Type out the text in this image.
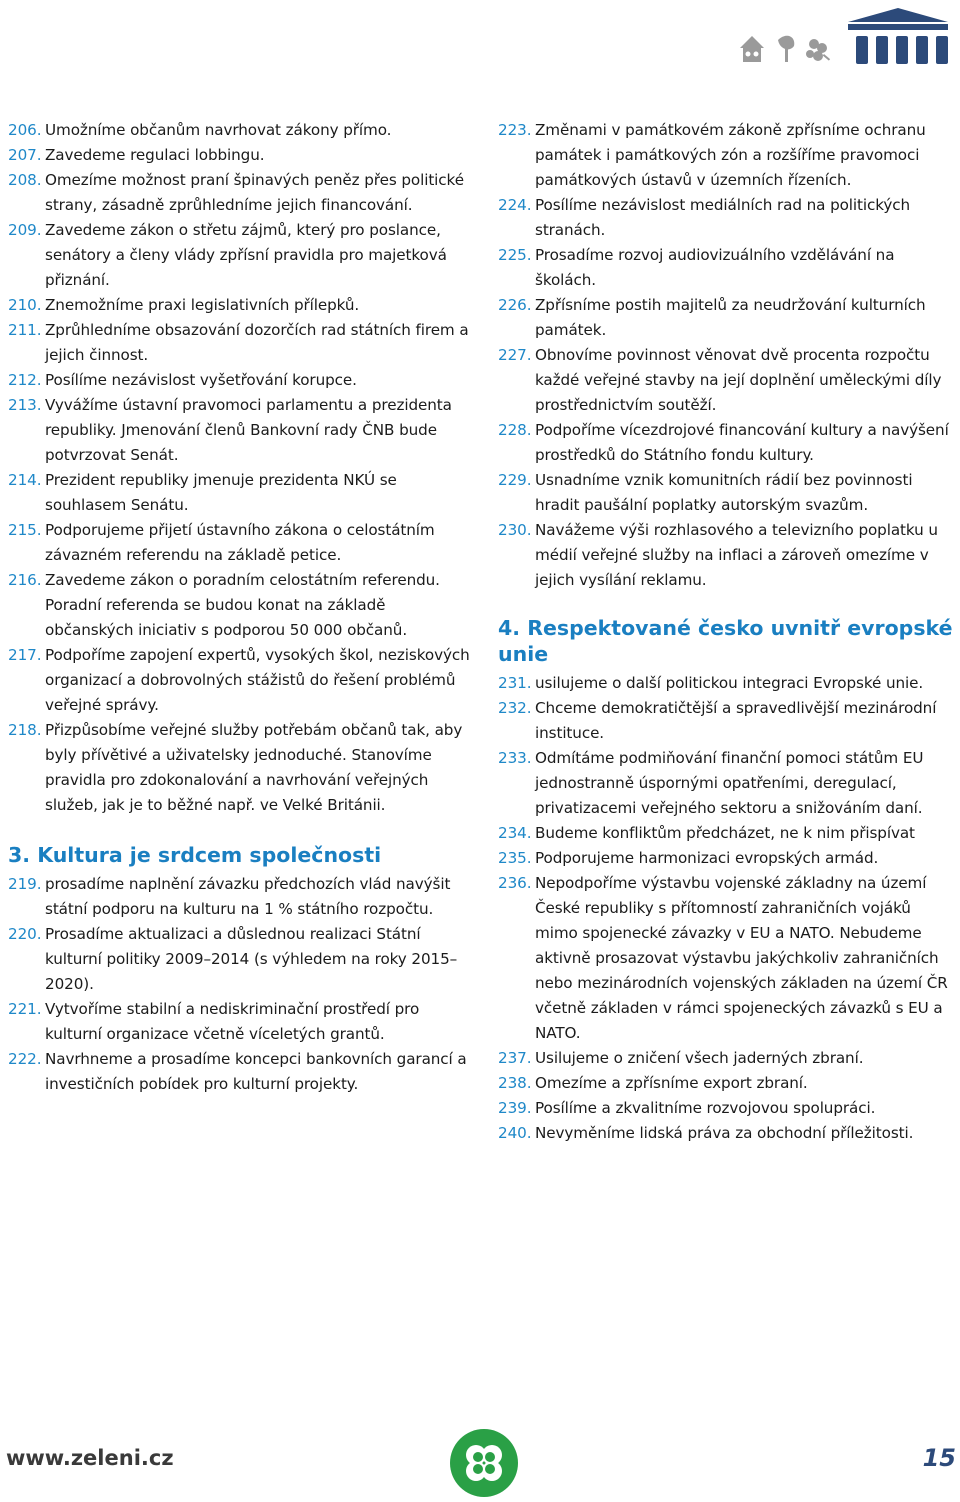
206. Umožníme občanům navrhovat zákony přímo.
207. Zavedeme regulaci lobbingu.
208. Omezíme možnost praní špinavých peněz přes politické strany, zásadně zprůhledníme jejich financování.
209. Zavedeme zákon o střetu zájmů, který pro poslance, senátory a členy vlády zpřísní pravidla pro majetková přiznání.
210. Znemožníme praxi legislativních přílepků.
211. Zprůhledníme obsazování dozorčích rad státních firem a jejich činnost.
212. Posílíme nezávislost vyšetřování korupce.
213. Vyvážíme ústavní pravomoci parlamentu a prezidenta republiky. Jmenování členů Bankovní rady ČNB bude potvrzovat Senát.
214. Prezident republiky jmenuje prezidenta NKÚ se souhlasem Senátu.
215. Podporujeme přijetí ústavního zákona o celostátním závazném referendu na základě petice.
216. Zavedeme zákon o poradním celostátním referendu. Poradní referenda se budou konat na základě občanských iniciativ s podporou 50 000 občanů.
217. Podpoříme zapojení expertů, vysokých škol, neziskových organizací a dobrovolných stážistů do řešení problémů veřejné správy.
218. Přizpůsobíme veřejné služby potřebám občanů tak, aby byly přívětivé a uživatelsky jednoduché. Stanovíme pravidla pro zdokonalování a navrhování veřejných služeb, jak je to běžné např. ve Velké Británii.
3. Kultura je srdcem společnosti
219. prosadíme naplnění závazku předchozích vlád navýšit státní podporu na kulturu na 1 % státního rozpočtu.
220. Prosadíme aktualizaci a důslednou realizaci Státní kulturní politiky 2009–2014 (s výhledem na roky 2015–2020).
221. Vytvoříme stabilní a nediskriminační prostředí pro kulturní organizace včetně víceletých grantů.
222. Navrhneme a prosadíme koncepci bankovních garancí a investičních pobídek pro kulturní projekty.
223. Změnami v památkovém zákoně zpřísníme ochranu památek i památkových zón a rozšíříme pravomoci památkových ústavů v územních řízeních.
224. Posílíme nezávislost mediálních rad na politických stranách.
225. Prosadíme rozvoj audiovizuálního vzdělávání na školách.
226. Zpřísníme postih majitelů za neudržování kulturních památek.
227. Obnovíme povinnost věnovat dvě procenta rozpočtu každé veřejné stavby na její doplnění uměleckými díly prostřednictvím soutěží.
228. Podpoříme vícezdrojové financování kultury a navýšení prostředků do Státního fondu kultury.
229. Usnadníme vznik komunitních rádií bez povinnosti hradit paušální poplatky autorským svazům.
230. Navážeme výši rozhlasového a televizního poplatku u médií veřejné služby na inflaci a zároveň omezíme v jejich vysílání reklamu.
4. Respektované česko uvnitř evropské unie
231. usilujeme o další politickou integraci Evropské unie.
232. Chceme demokratičtější a spravedlivější mezinárodní instituce.
233. Odmítáme podmiňování finanční pomoci státům EU jednostranně úspornými opatřeními, deregulací, privatizacemi veřejného sektoru a snižováním daní.
234. Budeme konfliktům předcházet, ne k nim přispívat
235. Podporujeme harmonizaci evropských armád.
236. Nepodpoříme výstavbu vojenské základny na území České republiky s přítomností zahraničních vojáků mimo spojenecké závazky v EU a NATO. Nebudeme aktivně prosazovat výstavbu jakýchkoliv zahraničních nebo mezinárodních vojenských základen na území ČR včetně základen v rámci spojeneckých závazků s EU a NATO.
237. Usilujeme o zničení všech jaderných zbraní.
238. Omezíme a zpřísníme export zbraní.
239. Posílíme a zkvalitníme rozvojovou spolupráci.
240. Nevyměníme lidská práva za obchodní příležitosti.
www.zeleni.cz	15
